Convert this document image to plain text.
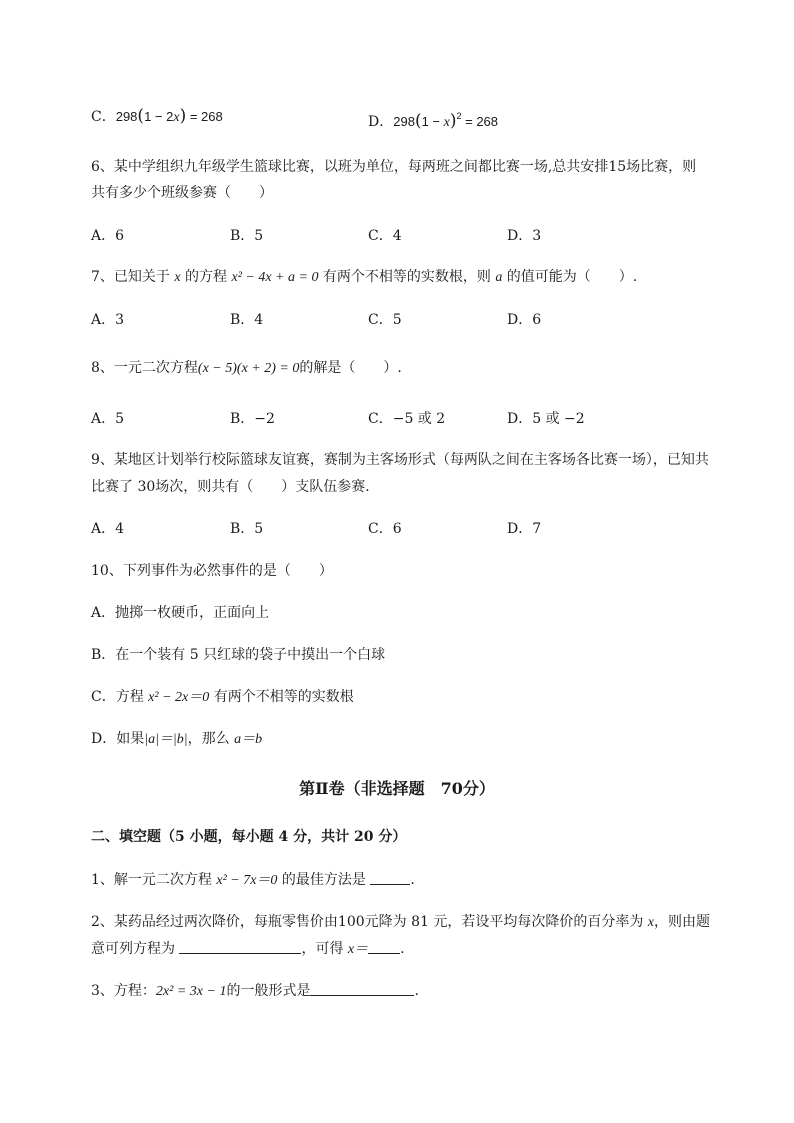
C．298(1 − 2x) = 268	D．$298(1 - x)^2 = 268$
6、某中学组织九年级学生篮球比赛，以班为单位，每两班之间都比赛一场,总共安排15场比赛，则
共有多少个班级参赛（　　）
A．6	B．5	C．4	D．3
7、已知关于 x 的方程 x² − 4x + a = 0 有两个不相等的实数根，则 a 的值可能为（　　）.
A．3	B．4	C．5	D．6
8、一元二次方程(x − 5)(x + 2) = 0的解是（　　）.
A．5	B．−2	C．−5 或 2	D．5 或 −2
9、某地区计划举行校际篮球友谊赛，赛制为主客场形式（每两队之间在主客场各比赛一场），已知共
比赛了 30场次，则共有（　　）支队伍参赛．
A．4	B．5	C．6	D．7
10、下列事件为必然事件的是（　　）
A．抛掷一枚硬币，正面向上
B．在一个装有 5 只红球的袋子中摸出一个白球
C．方程 x² − 2x＝0 有两个不相等的实数根
D．如果|a|＝|b|，那么 a＝b
第Ⅱ卷（非选择题　70分）
二、填空题（5 小题，每小题 4 分，共计 20 分）
1、解一元二次方程 x² − 7x＝0 的最佳方法是	.
2、某药品经过两次降价，每瓶零售价由100元降为 81 元，若设平均每次降价的百分率为 x，则由题
意可列方程为	，可得 x＝ .
3、方程：2x² = 3x − 1的一般形式是	.
